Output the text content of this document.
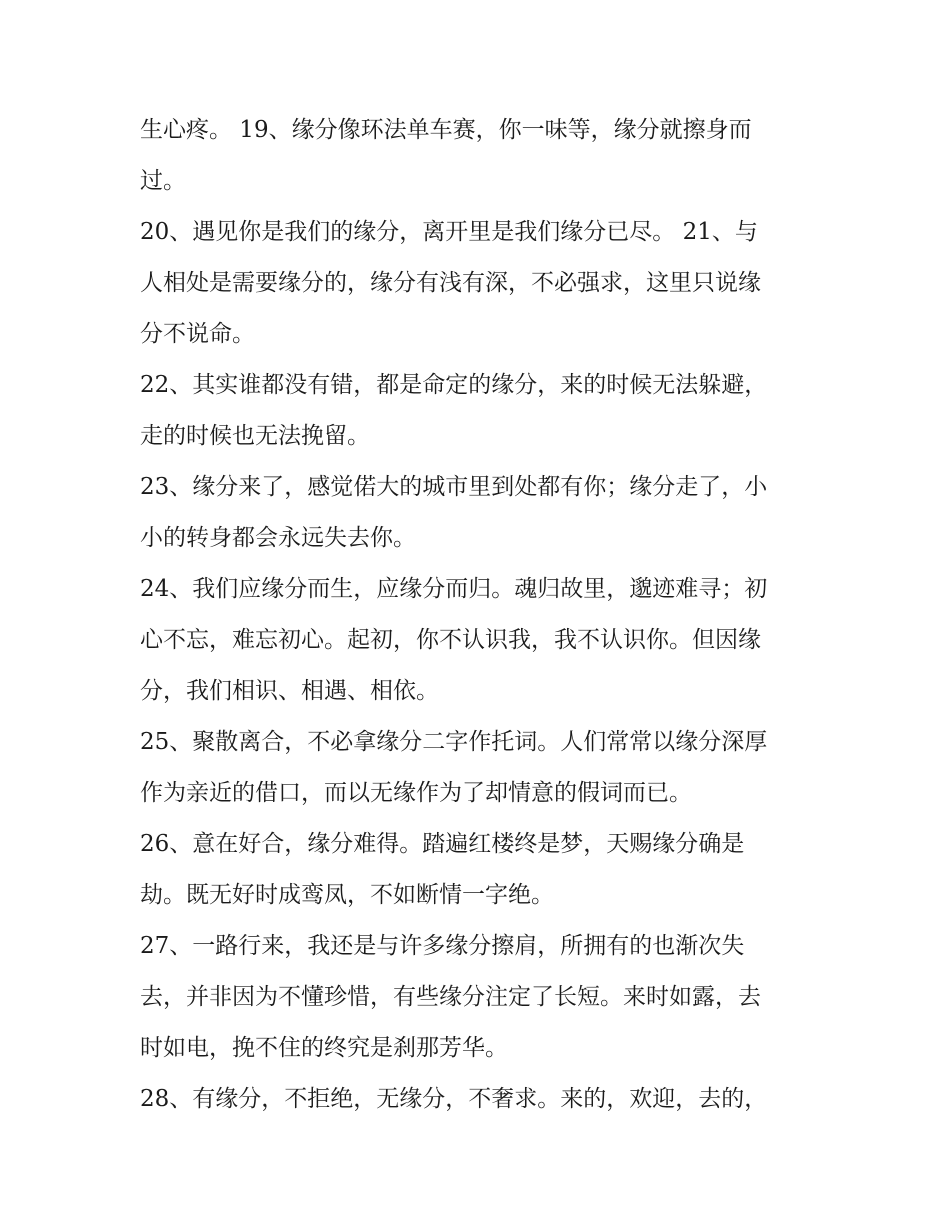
生心疼。 19、缘分像环法单车赛，你一味等，缘分就擦身而
过。
20、遇见你是我们的缘分，离开里是我们缘分已尽。 21、与
人相处是需要缘分的，缘分有浅有深，不必强求，这里只说缘
分不说命。
22、其实谁都没有错，都是命定的缘分，来的时候无法躲避，
走的时候也无法挽留。
23、缘分来了，感觉偌大的城市里到处都有你；缘分走了，小
小的转身都会永远失去你。
24、我们应缘分而生，应缘分而归。魂归故里，邈迹难寻；初
心不忘，难忘初心。起初，你不认识我，我不认识你。但因缘
分，我们相识、相遇、相依。
25、聚散离合，不必拿缘分二字作托词。人们常常以缘分深厚
作为亲近的借口，而以无缘作为了却情意的假词而已。
26、意在好合，缘分难得。踏遍红楼终是梦，天赐缘分确是
劫。既无好时成鸾凤，不如断情一字绝。
27、一路行来，我还是与许多缘分擦肩，所拥有的也渐次失
去，并非因为不懂珍惜，有些缘分注定了长短。来时如露，去
时如电，挽不住的终究是刹那芳华。
28、有缘分，不拒绝，无缘分，不奢求。来的，欢迎，去的，
